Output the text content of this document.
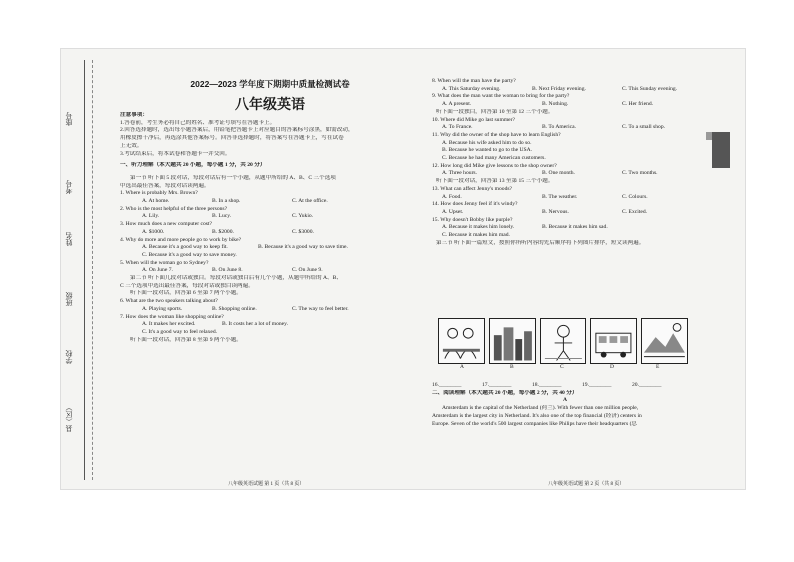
座号
考号
姓名
班级
学校
县（区）
2022—2023 学年度下期期中质量检测试卷
八年级英语
注意事项：
1.答卷前，考生务必将自己的姓名、准考证号填写在答题卡上。
2.回答选择题时，选出每小题答案后，用铅笔把答题卡上对应题目的答案标号涂黑，如需改动，
用橡皮擦干净后，再选涂其他答案标号。回答非选择题时，将答案写在答题卡上，写在试卷
上无效。
3.考试结束后，将本试卷和答题卡一并交回。
一、听力理解（本大题共 20 小题，每小题 1 分，共 20 分）
第一节 听下面 5 段对话，每段对话后有一个小题，从题中所给的 A、B、C 三个选项
中选出最佳答案，每段对话读两遍。
1. Where is probably Mrs. Brown?
A. At home.	B. In a shop.	C. At the office.
2. Who is the most helpful of the three persons?
A. Lily.	B. Lucy.	C. Yukio.
3. How much does a new computer cost?
A. $1000.	B. $2000.	C. $3000.
4. Why do more and more people go to work by bike?
A. Because it's a good way to keep fit.	B. Because it's a good way to save time.
C. Because it's a good way to save money.
5. When will the woman go to Sydney?
A. On June 7.	B. On June 8.	C. On June 9.
第二节 听下面几段对话或独白。每段对话或独白后有几个小题，从题中所给的 A、B、
C 三个选项中选出最佳答案，每段对话或独白读两遍。
听下面一段对话，回答第 6 至第 7 两个小题。
6. What are the two speakers talking about?
A. Playing sports.	B. Shopping online.	C. The way to feel better.
7. How does the woman like shopping online?
A. It makes her excited.	B. It costs her a lot of money.
C. It's a good way to feel relaxed.
听下面一段对话，回答第 8 至第 9 两个小题。
八年级英语试题 第 1 页（共 8 页）
8. When will the man have the party?
A. This Saturday evening.	B. Next Friday evening.	C. This Sunday evening.
9. What does the man want the woman to bring for the party?
A. A present.	B. Nothing.	C. Her friend.
听下面一段独白，回答第 10 至第 12 三个小题。
10. Where did Mike go last summer?
A. To France.	B. To America.	C. To a small shop.
11. Why did the owner of the shop have to learn English?
A. Because his wife asked him to do so.
B. Because he wanted to go to the USA.
C. Because he had many American customers.
12. How long did Mike give lessons to the shop owner?
A. Three hours.	B. One month.	C. Two months.
听下面一段对话，回答第 13 至第 15 三个小题。
13. What can affect Jenny's moods?
A. Food.	B. The weather.	C. Colours.
14. How does Jenny feel if it's windy?
A. Upset.	B. Nervous.	C. Excited.
15. Why doesn't Bobby like purple?
A. Because it makes him lonely.	B. Because it makes him sad.
C. Because it makes him mad.
第三节 听下面一篇短文，按照你所听内容的先后顺序将下列图片排序，短文读两遍。
A	B	C	D	E
16.________	17.________	18.________	19.________	20.________
二、阅读理解（本大题共 20 小题，每小题 2 分，共 40 分）
A
Amsterdam is the capital of the Netherland (荷兰). With fewer than one million people,
Amsterdam is the largest city in Netherland. It's also one of the top financial (经济) centers in
Europe. Seven of the world's 500 largest companies like Philips have their headquarters (总
八年级英语试题 第 2 页（共 8 页）
